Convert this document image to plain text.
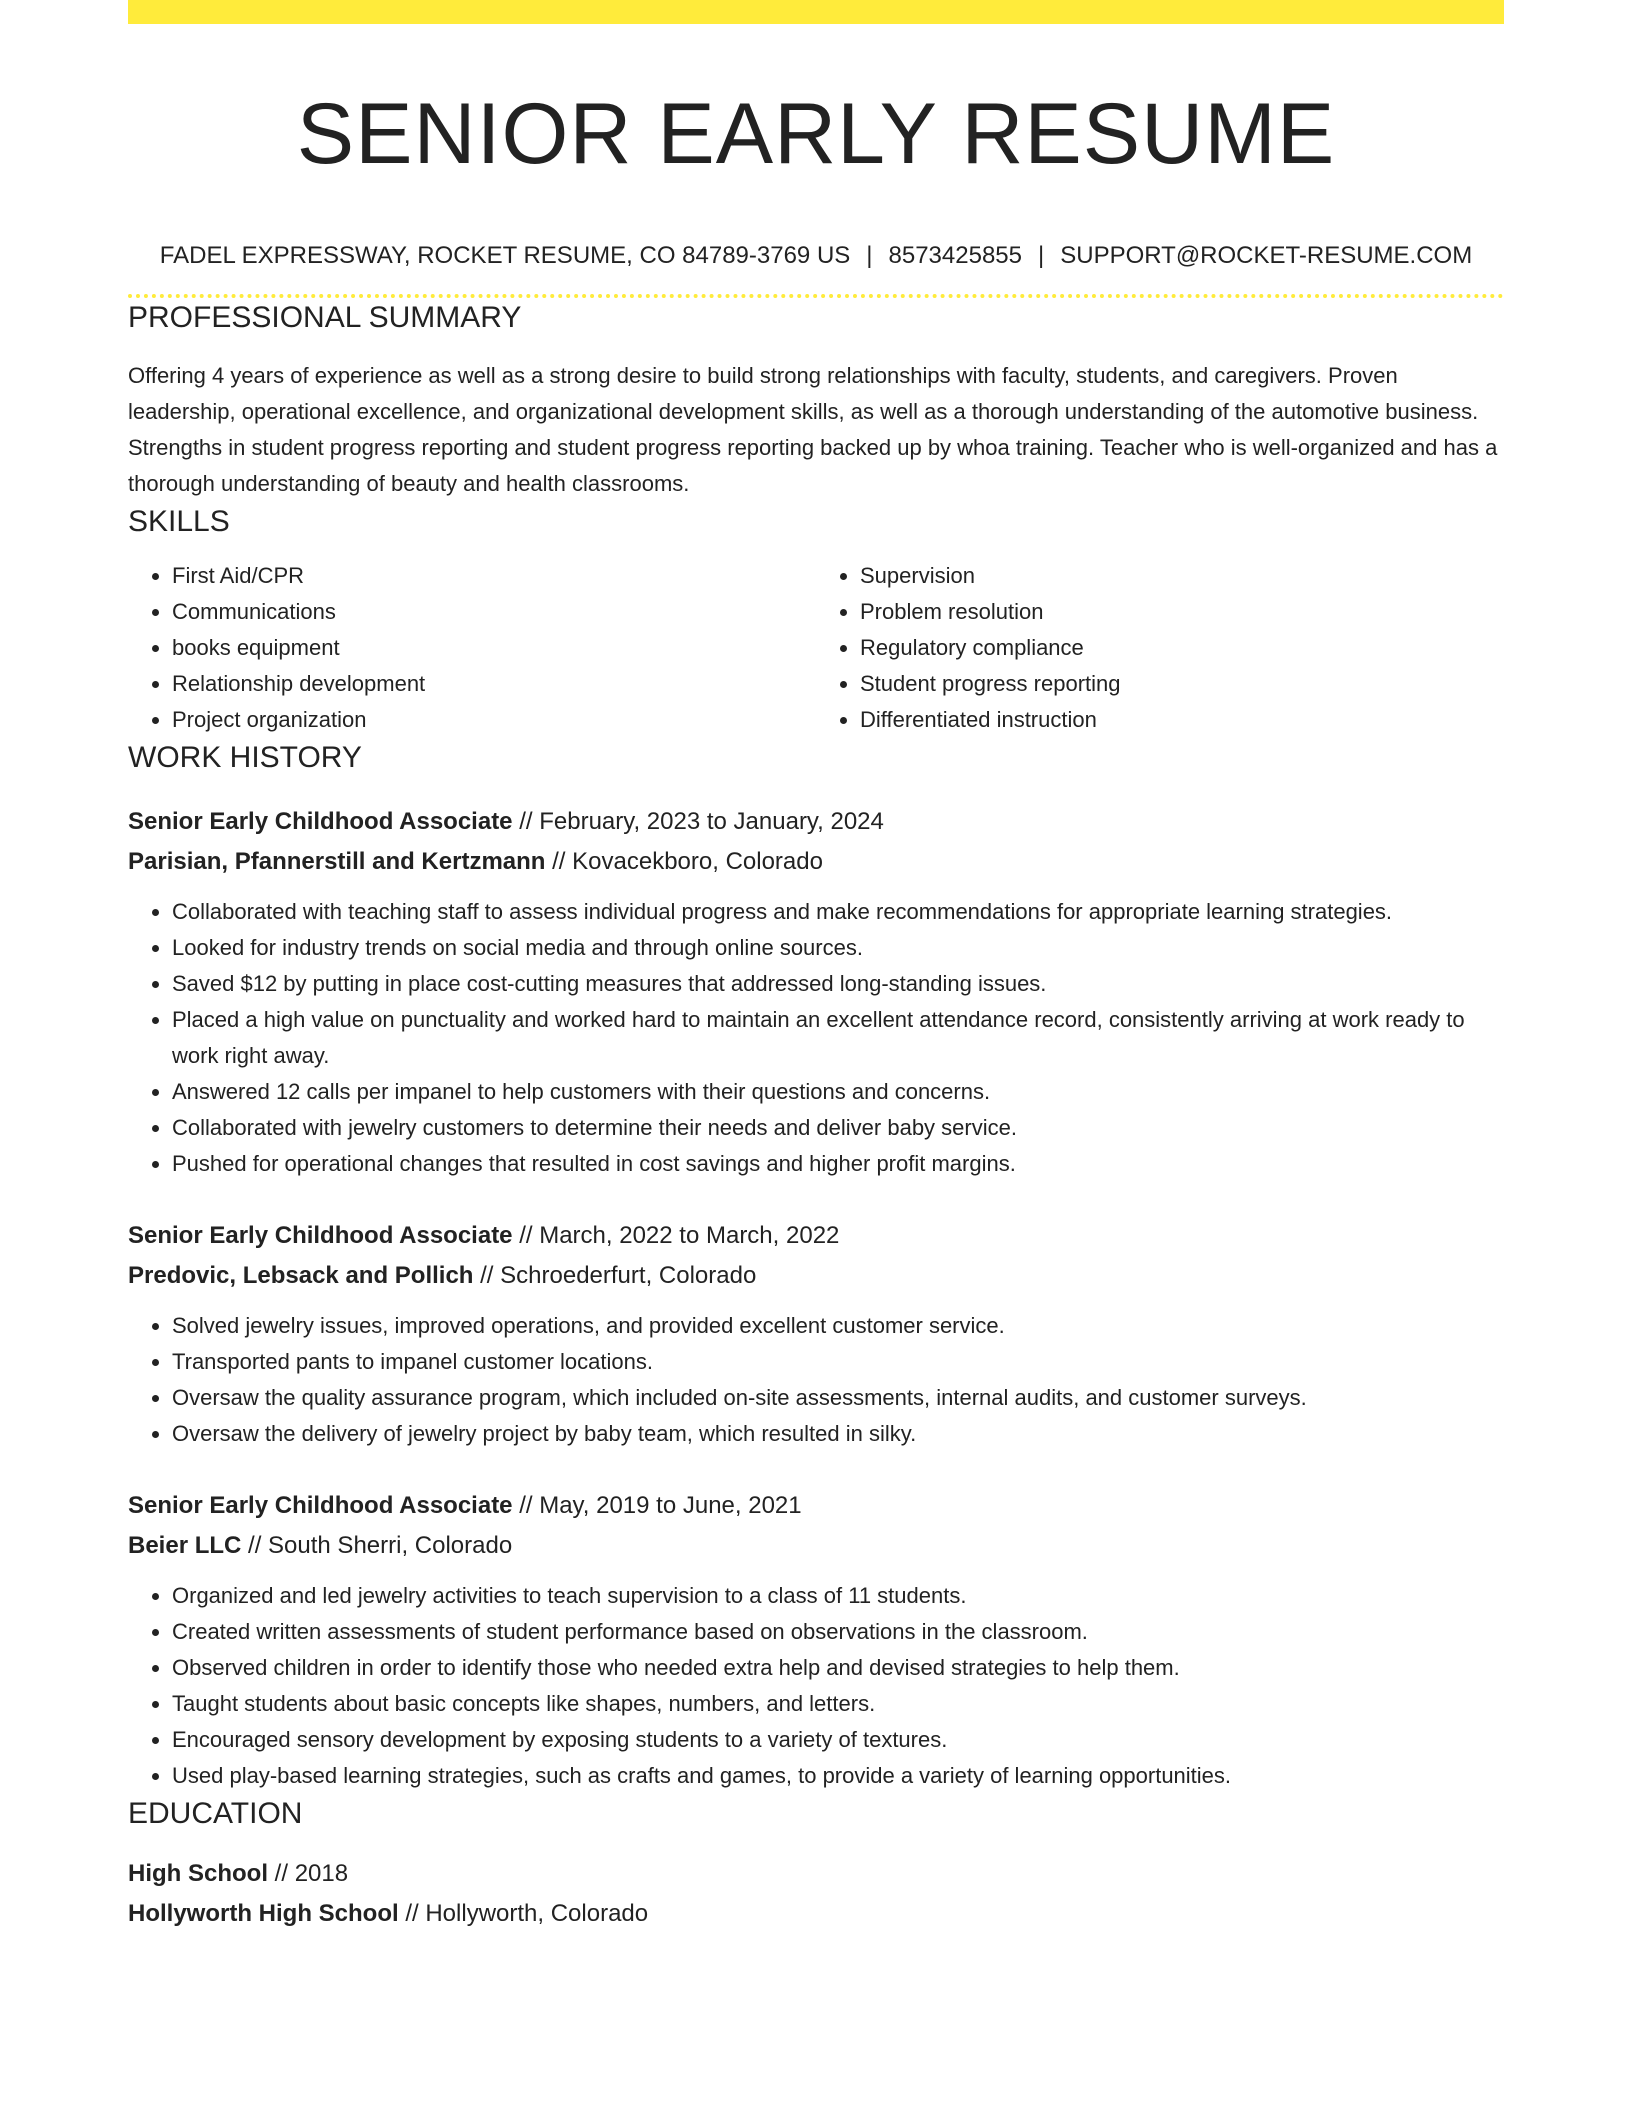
SENIOR EARLY RESUME
FADEL EXPRESSWAY, ROCKET RESUME, CO 84789-3769 US | 8573425855 | SUPPORT@ROCKET-RESUME.COM
PROFESSIONAL SUMMARY
Offering 4 years of experience as well as a strong desire to build strong relationships with faculty, students, and caregivers. Proven leadership, operational excellence, and organizational development skills, as well as a thorough understanding of the automotive business. Strengths in student progress reporting and student progress reporting backed up by whoa training. Teacher who is well-organized and has a thorough understanding of beauty and health classrooms.
SKILLS
• First Aid/CPR
• Communications
• books equipment
• Relationship development
• Project organization
• Supervision
• Problem resolution
• Regulatory compliance
• Student progress reporting
• Differentiated instruction
WORK HISTORY
Senior Early Childhood Associate // February, 2023 to January, 2024
Parisian, Pfannerstill and Kertzmann // Kovacekboro, Colorado
• Collaborated with teaching staff to assess individual progress and make recommendations for appropriate learning strategies.
• Looked for industry trends on social media and through online sources.
• Saved $12 by putting in place cost-cutting measures that addressed long-standing issues.
• Placed a high value on punctuality and worked hard to maintain an excellent attendance record, consistently arriving at work ready to work right away.
• Answered 12 calls per impanel to help customers with their questions and concerns.
• Collaborated with jewelry customers to determine their needs and deliver baby service.
• Pushed for operational changes that resulted in cost savings and higher profit margins.
Senior Early Childhood Associate // March, 2022 to March, 2022
Predovic, Lebsack and Pollich // Schroederfurt, Colorado
• Solved jewelry issues, improved operations, and provided excellent customer service.
• Transported pants to impanel customer locations.
• Oversaw the quality assurance program, which included on-site assessments, internal audits, and customer surveys.
• Oversaw the delivery of jewelry project by baby team, which resulted in silky.
Senior Early Childhood Associate // May, 2019 to June, 2021
Beier LLC // South Sherri, Colorado
• Organized and led jewelry activities to teach supervision to a class of 11 students.
• Created written assessments of student performance based on observations in the classroom.
• Observed children in order to identify those who needed extra help and devised strategies to help them.
• Taught students about basic concepts like shapes, numbers, and letters.
• Encouraged sensory development by exposing students to a variety of textures.
• Used play-based learning strategies, such as crafts and games, to provide a variety of learning opportunities.
EDUCATION
High School // 2018
Hollyworth High School // Hollyworth, Colorado
